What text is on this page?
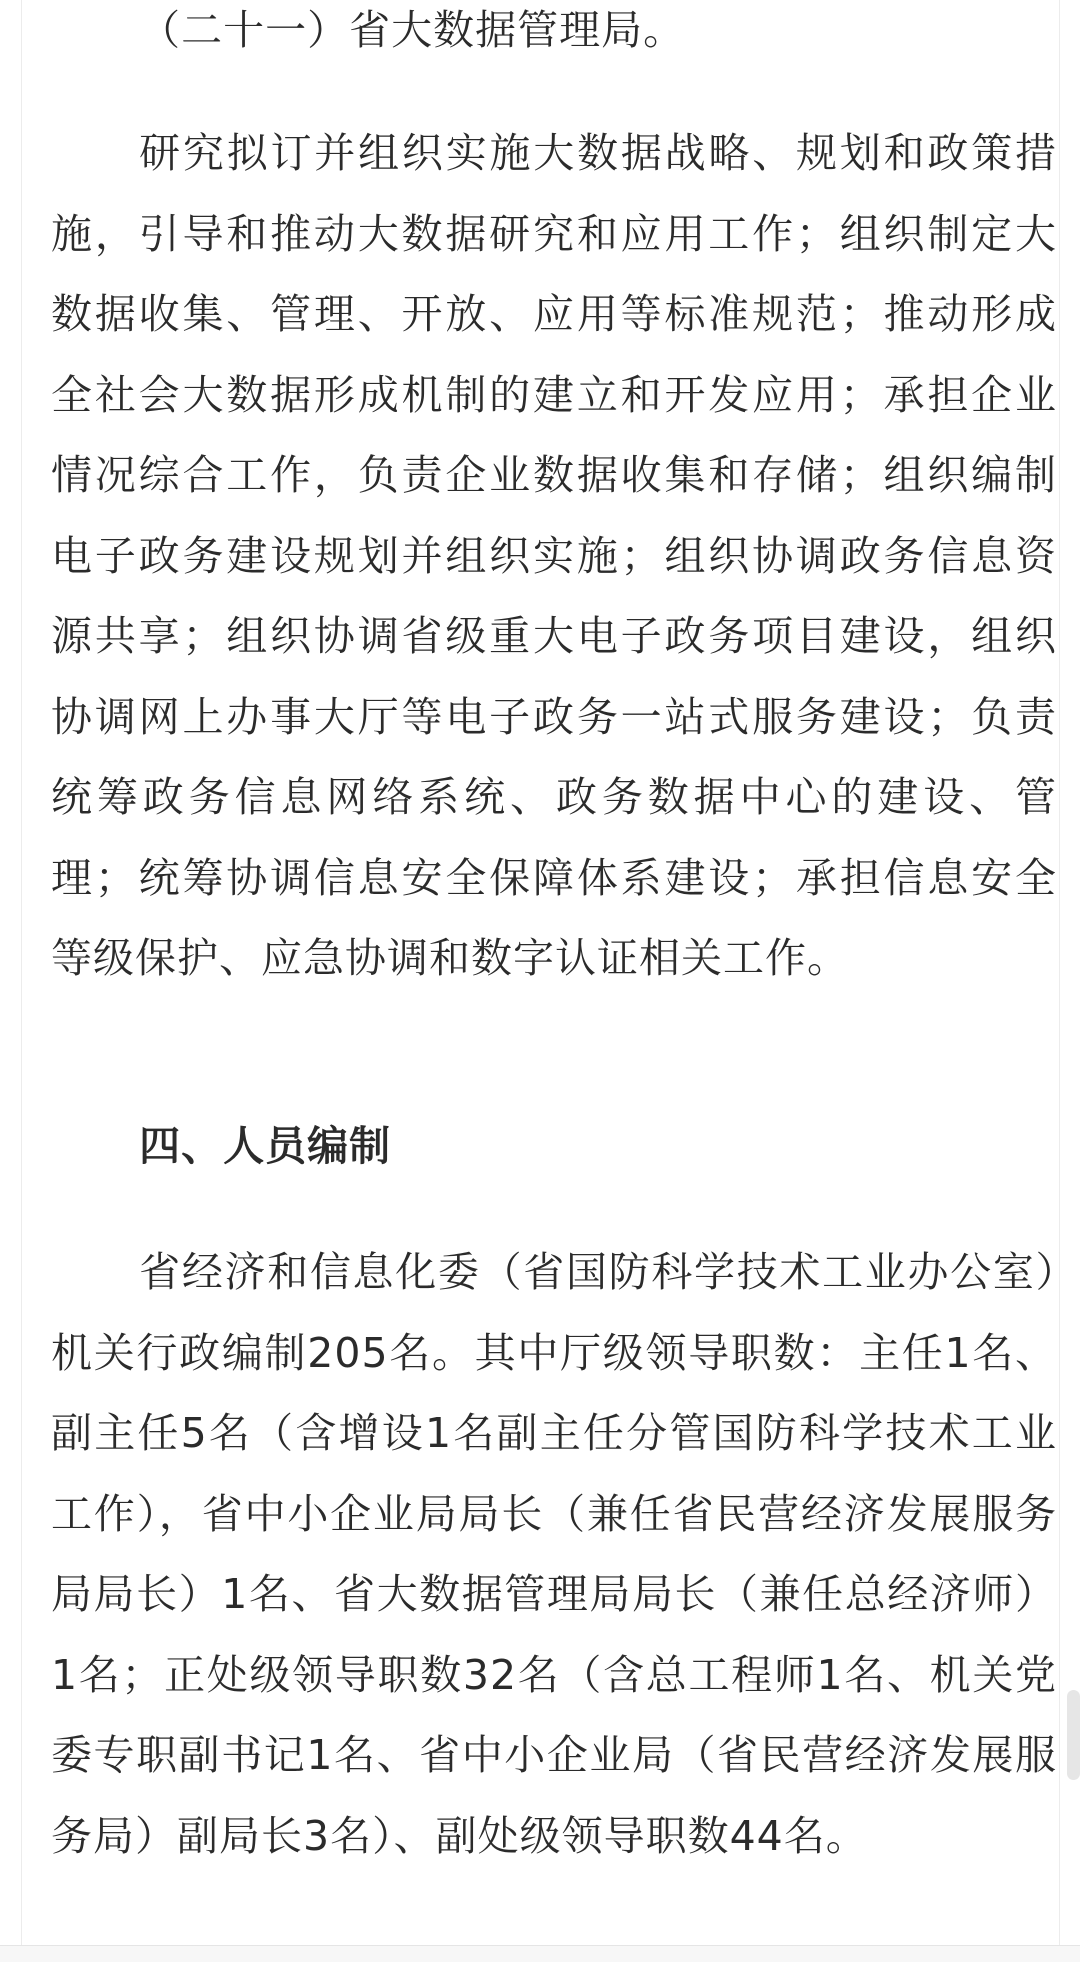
（二十一）省大数据管理局。

研究拟订并组织实施大数据战略、规划和政策措施，引导和推动大数据研究和应用工作；组织制定大数据收集、管理、开放、应用等标准规范；推动形成全社会大数据形成机制的建立和开发应用；承担企业情况综合工作，负责企业数据收集和存储；组织编制电子政务建设规划并组织实施；组织协调政务信息资源共享；组织协调省级重大电子政务项目建设，组织协调网上办事大厅等电子政务一站式服务建设；负责统筹政务信息网络系统、政务数据中心的建设、管理；统筹协调信息安全保障体系建设；承担信息安全等级保护、应急协调和数字认证相关工作。

四、人员编制

省经济和信息化委（省国防科学技术工业办公室）机关行政编制205名。其中厅级领导职数：主任1名、副主任5名（含增设1名副主任分管国防科学技术工业工作），省中小企业局局长（兼任省民营经济发展服务局局长）1名、省大数据管理局局长（兼任总经济师）1名；正处级领导职数32名（含总工程师1名、机关党委专职副书记1名、省中小企业局（省民营经济发展服务局）副局长3名）、副处级领导职数44名。
